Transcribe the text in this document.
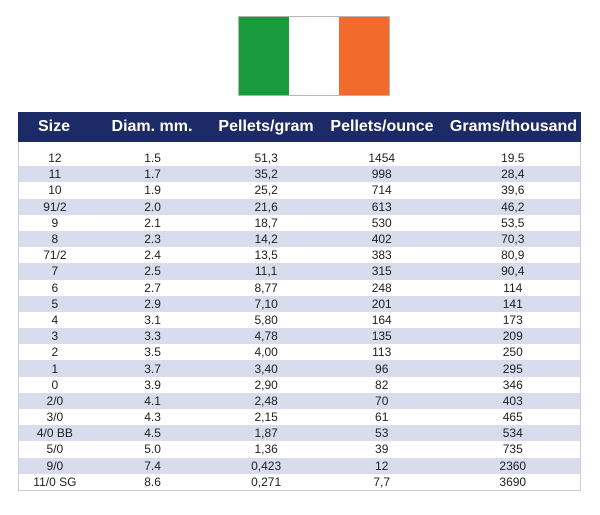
Size	Diam. mm.	Pellets/gram	Pellets/ounce	Grams/thousand
12	1.5	51,3	1454	19.5
11	1.7	35,2	998	28,4
10	1.9	25,2	714	39,6
91/2	2.0	21,6	613	46,2
9	2.1	18,7	530	53,5
8	2.3	14,2	402	70,3
71/2	2.4	13,5	383	80,9
7	2.5	11,1	315	90,4
6	2.7	8,77	248	114
5	2.9	7,10	201	141
4	3.1	5,80	164	173
3	3.3	4,78	135	209
2	3.5	4,00	113	250
1	3.7	3,40	96	295
0	3.9	2,90	82	346
2/0	4.1	2,48	70	403
3/0	4.3	2,15	61	465
4/0 BB	4.5	1,87	53	534
5/0	5.0	1,36	39	735
9/0	7.4	0,423	12	2360
11/0 SG	8.6	0,271	7,7	3690
